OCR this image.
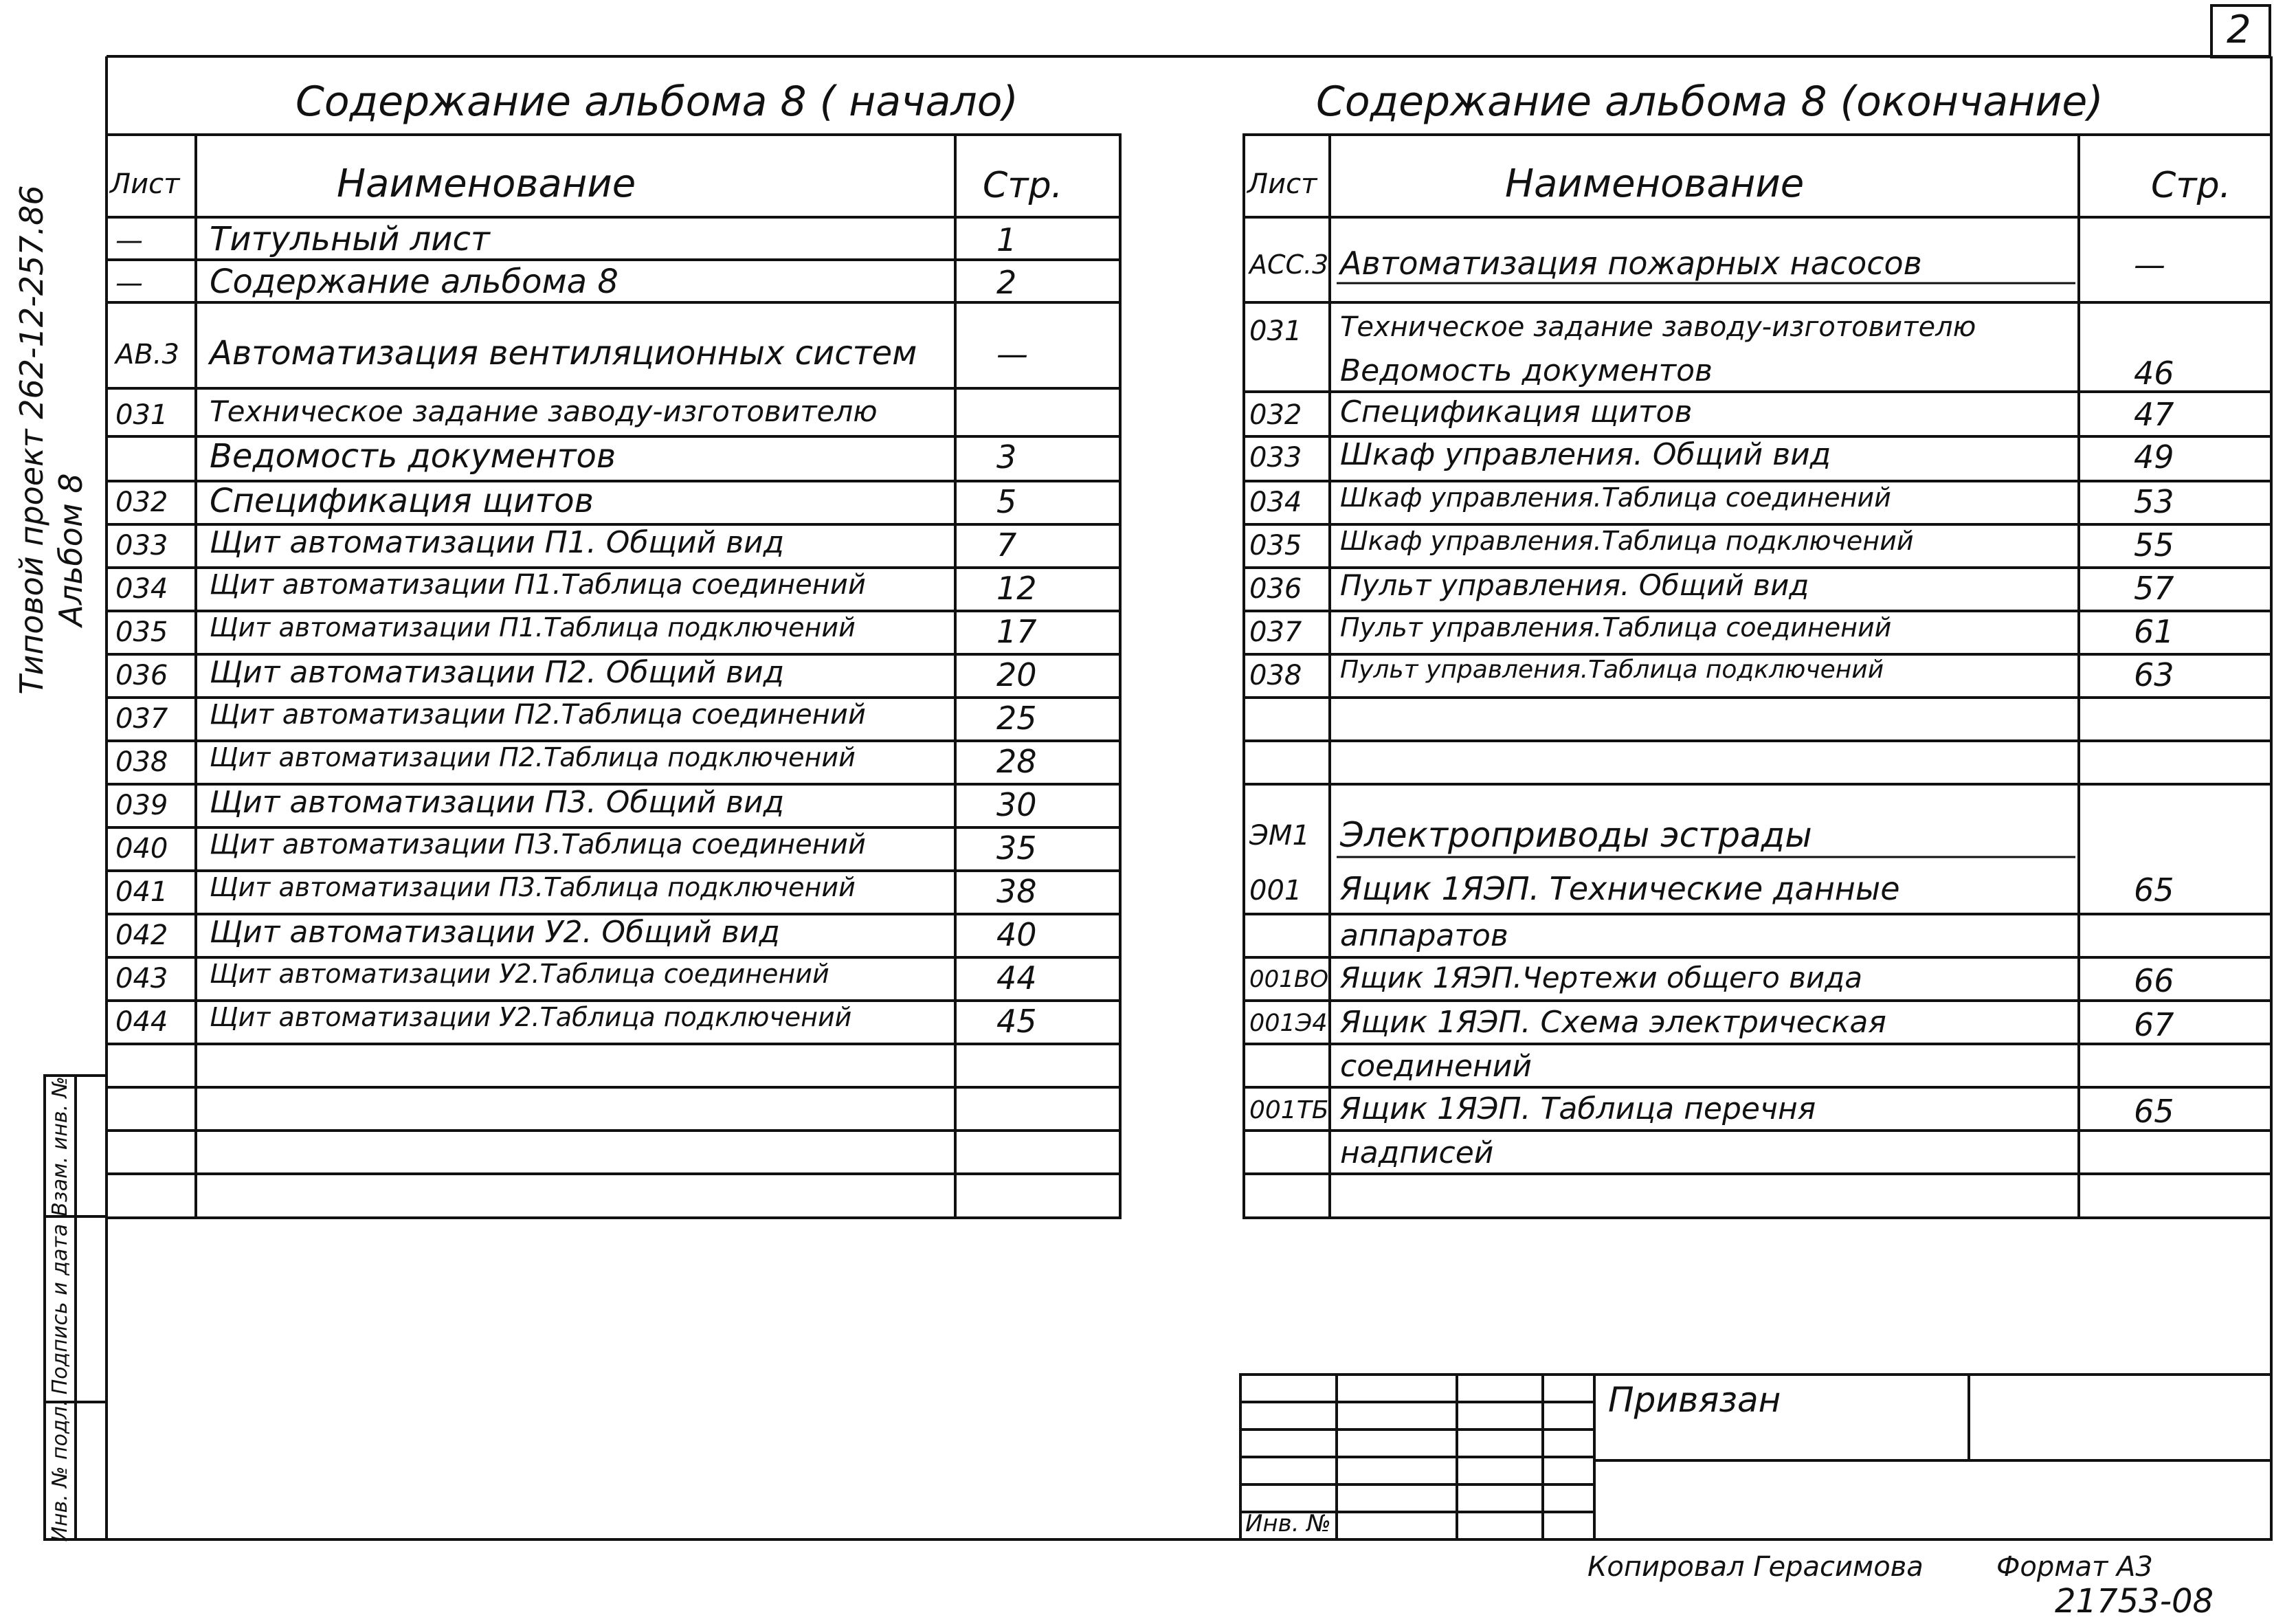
2
Типовой проект 262-12-257.86 Альбом 8
Взам. инв. №
Подпись и дата
Инв. № подл.
Содержание альбома 8 ( начало)
Лист	Наименование	Стр.
— Титульный лист	1
— Содержание альбома 8	2
АВ.3 Автоматизация вентиляционных систем	—
031 Техническое задание заводу-изготовителю
Ведомость документов	3
032 Спецификация щитов	5
033 Щит автоматизации П1. Общий вид	7
034 Щит автоматизации П1.Таблица соединений	12
035 Щит автоматизации П1.Таблица подключений	17
036 Щит автоматизации П2. Общий вид	20
037 Щит автоматизации П2.Таблица соединений	25
038 Щит автоматизации П2.Таблица подключений	28
039 Щит автоматизации П3. Общий вид	30
040 Щит автоматизации П3.Таблица соединений	35
041 Щит автоматизации П3.Таблица подключений	38
042 Щит автоматизации У2. Общий вид	40
043 Щит автоматизации У2.Таблица соединений	44
044 Щит автоматизации У2.Таблица подключений	45
Содержание альбома 8 (окончание)
Лист	Наименование	Стр.
АСС.3 Автоматизация пожарных насосов	—
031 Техническое задание заводу-изготовителю
Ведомость документов	46
032 Спецификация щитов	47
033 Шкаф управления. Общий вид	49
034 Шкаф управления.Таблица соединений	53
035 Шкаф управления.Таблица подключений	55
036 Пульт управления. Общий вид	57
037 Пульт управления.Таблица соединений	61
038 Пульт управления.Таблица подключений	63
ЭМ1 Электроприводы эстрады
001 Ящик 1ЯЭП. Технические данные	65
аппаратов
001ВО Ящик 1ЯЭП.Чертежи общего вида	66
001Э4 Ящик 1ЯЭП. Схема электрическая	67
соединений
001ТБ Ящик 1ЯЭП. Таблица перечня	65
надписей
Привязан
Инв. №
Копировал Герасимова	Формат А3
21753-08
